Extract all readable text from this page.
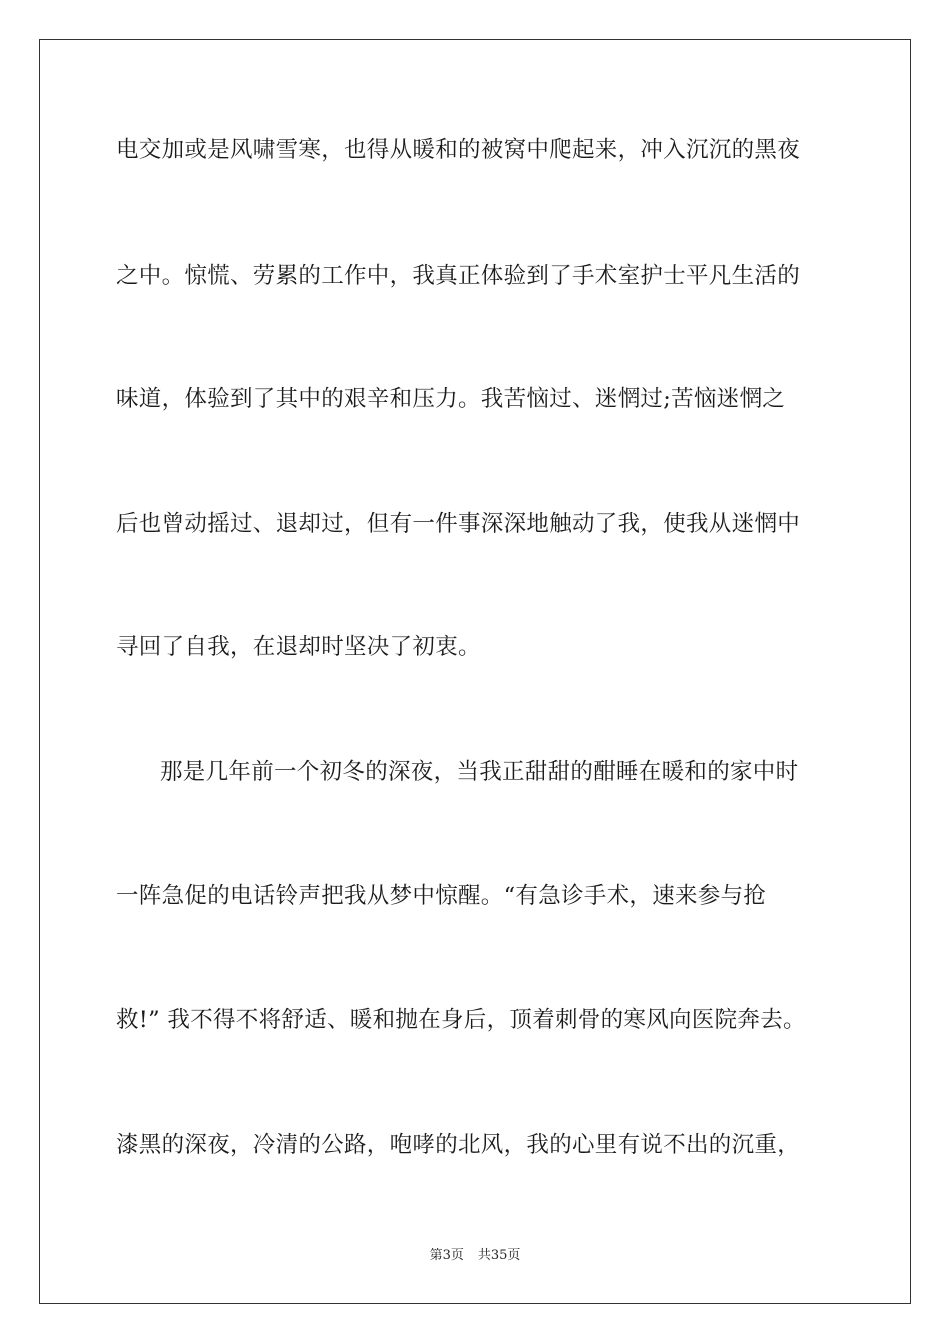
电交加或是风啸雪寒，也得从暖和的被窝中爬起来，冲入沉沉的黑夜
之中。惊慌、劳累的工作中，我真正体验到了手术室护士平凡生活的
味道，体验到了其中的艰辛和压力。我苦恼过、迷惘过;苦恼迷惘之
后也曾动摇过、退却过，但有一件事深深地触动了我，使我从迷惘中
寻回了自我，在退却时坚决了初衷。
那是几年前一个初冬的深夜，当我正甜甜的酣睡在暖和的家中时
一阵急促的电话铃声把我从梦中惊醒。“有急诊手术，速来参与抢
救!” 我不得不将舒适、暖和抛在身后，顶着刺骨的寒风向医院奔去。
漆黑的深夜，冷清的公路，咆哮的北风，我的心里有说不出的沉重，
第3页 共35页
